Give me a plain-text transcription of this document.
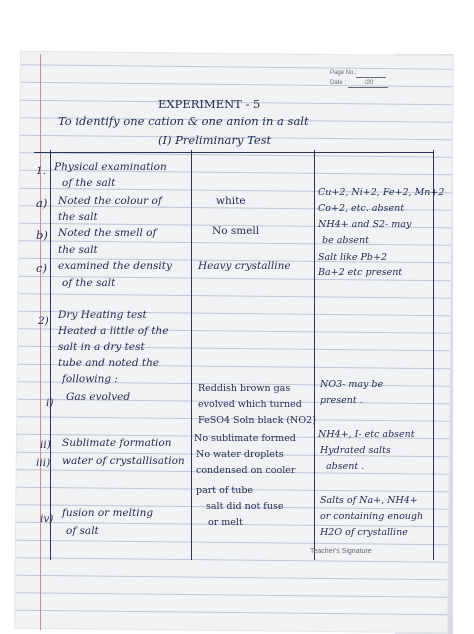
Page No.:
Date :	/20
EXPERIMENT - 5
To identify one cation & one anion in a salt
(I) Preliminary Test
1. Physical examination
of the salt
a) Noted the colour of
the salt
white
Cu+2, Ni+2, Fe+2, Mn+2
Co+2, etc. absent
b) Noted the smell of
the salt
No smell
NH4+ and S2- may
be absent
c) examined the density
of the salt
Heavy crystalline
Salt like Pb+2
Ba+2 etc present
2) Dry Heating test
Heated a little of the
salt in a dry test
tube and noted the
following :
i) Gas evolved
Reddish brown gas
evolved which turned
FeSO4 Soln black (NO2)
NO3- may be
present .
ii) Sublimate formation No sublimate formed NH4+, I- etc absent
iii) water of crystallisation
No water droplets
condensed on cooler
part of tube
Hydrated salts
absent .
iv) fusion or melting
of salt
salt did not fuse
or melt
Salts of Na+, NH4+
or containing enough
H2O of crystalline
Teacher's Signature
